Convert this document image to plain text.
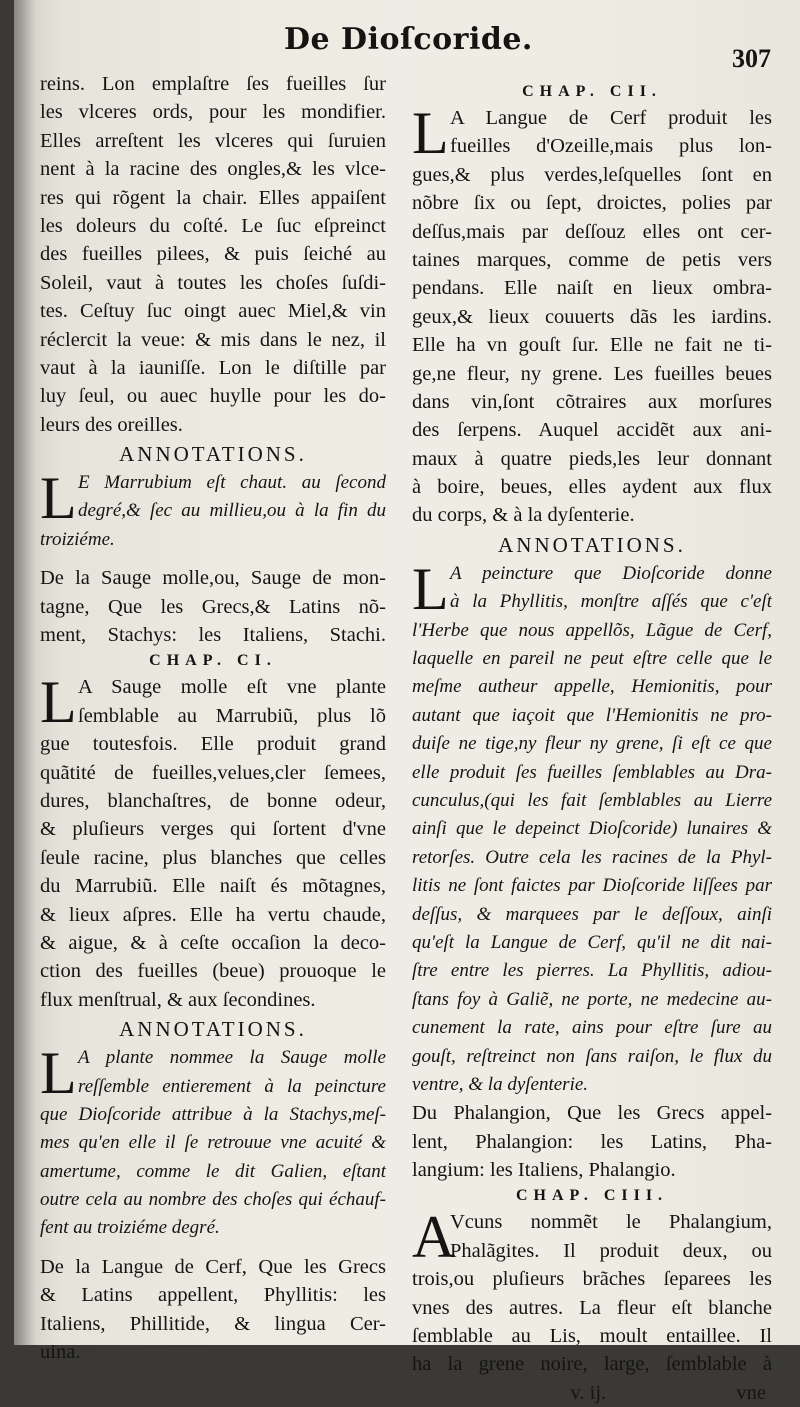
De Dioſcoride.
307
reins. Lon emplaſtre ſes fueilles ſur
les vlceres ords, pour les mondifier.
Elles arreſtent les vlceres qui ſuruien
nent à la racine des ongles,& les vlce-
res qui rõgent la chair. Elles appaiſent
les doleurs du coſté. Le ſuc eſpreinct
des fueilles pilees, & puis ſeiché au
Soleil, vaut à toutes les choſes ſuſdi-
tes. Ceſtuy ſuc oingt auec Miel,& vin
réclercit la veue: & mis dans le nez, il
vaut à la iauniſſe. Lon le diſtille par
luy ſeul, ou auec huylle pour les do-
leurs des oreilles.
ANNOTATIONS.
L E Marrubium eſt chaut. au ſecond
degré,& ſec au millieu,ou à la fin du
troiziéme.
De la Sauge molle,ou, Sauge de mon-
tagne, Que les Grecs,& Latins nõ-
ment, Stachys: les Italiens, Stachi.
CHAP. CI.
L A Sauge molle eſt vne plante
ſemblable au Marrubiũ, plus lõ
gue toutesfois. Elle produit grand
quãtité de fueilles,velues,cler ſemees,
dures, blanchaſtres, de bonne odeur,
& pluſieurs verges qui ſortent d'vne
ſeule racine, plus blanches que celles
du Marrubiũ. Elle naiſt és mõtagnes,
& lieux aſpres. Elle ha vertu chaude,
& aigue, & à ceſte occaſion la deco-
ction des fueilles (beue) prouoque le
flux menſtrual, & aux ſecondines.
ANNOTATIONS.
L A plante nommee la Sauge molle
reſſemble entierement à la peincture
que Dioſcoride attribue à la Stachys,meſ-
mes qu'en elle il ſe retrouue vne acuité &
amertume, comme le dit Galien, eſtant
outre cela au nombre des choſes qui échauf-
fent au troiziéme degré.
De la Langue de Cerf, Que les Grecs
& Latins appellent, Phyllitis: les
Italiens, Phillitide, & lingua Cer-
uina.
CHAP. CII.
L A Langue de Cerf produit les
fueilles d'Ozeille,mais plus lon-
gues,& plus verdes,leſquelles ſont en
nõbre ſix ou ſept, droictes, polies par
deſſus,mais par deſſouz elles ont cer-
taines marques, comme de petis vers
pendans. Elle naiſt en lieux ombra-
geux,& lieux couuerts dãs les iardins.
Elle ha vn gouſt ſur. Elle ne fait ne ti-
ge,ne fleur, ny grene. Les fueilles beues
dans vin,ſont cõtraires aux morſures
des ſerpens. Auquel accidẽt aux ani-
maux à quatre pieds,les leur donnant
à boire, beues, elles aydent aux flux
du corps, & à la dyſenterie.
ANNOTATIONS.
L A peincture que Dioſcoride donne
à la Phyllitis, monſtre aſſés que c'eſt
l'Herbe que nous appellõs, Lãgue de Cerf,
laquelle en pareil ne peut eſtre celle que le
meſme autheur appelle, Hemionitis, pour
autant que iaçoit que l'Hemionitis ne pro-
duiſe ne tige,ny fleur ny grene, ſi eſt ce que
elle produit ſes fueilles ſemblables au Dra-
cunculus,(qui les fait ſemblables au Lierre
ainſi que le depeinct Dioſcoride) lunaires &
retorſes. Outre cela les racines de la Phyl-
litis ne ſont faictes par Dioſcoride liſſees par
deſſus, & marquees par le deſſoux, ainſi
qu'eſt la Langue de Cerf, qu'il ne dit nai-
ſtre entre les pierres. La Phyllitis, adiou-
ſtans foy à Galiẽ, ne porte, ne medecine au-
cunement la rate, ains pour eſtre ſure au
gouſt, reſtreinct non ſans raiſon, le flux du
ventre, & la dyſenterie.
Du Phalangion, Que les Grecs appel-
lent, Phalangion: les Latins, Pha-
langium: les Italiens, Phalangio.
CHAP. CIII.
A
Vcuns nommẽt le Phalangium,
Phalãgites. Il produit deux, ou
trois,ou pluſieurs brãches ſeparees les
vnes des autres. La fleur eſt blanche
ſemblable au Lis, moult entaillee. Il
ha la grene noire, large, ſemblable à
v. ij.	vne
